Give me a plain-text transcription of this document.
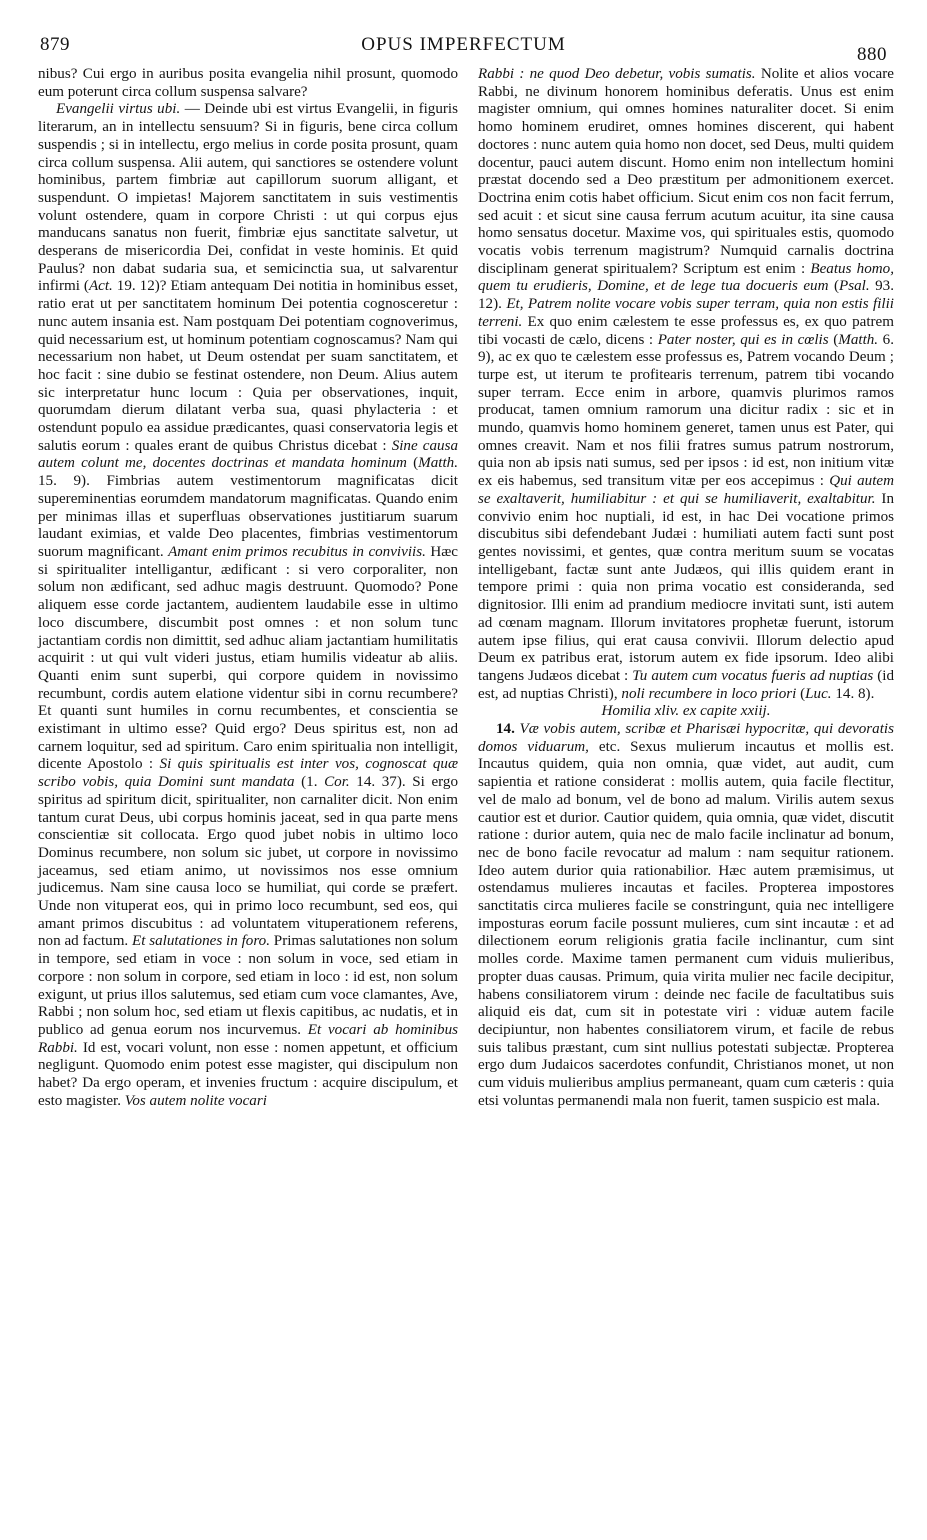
879	OPUS IMPERFECTUM	880

nibus? Cui ergo in auribus posita evangelia nihil prosunt, quomodo eum poterunt circa collum suspensa salvare?

Evangelii virtus ubi. — Deinde ubi est virtus Evangelii, in figuris literarum, an in intellectu sensuum? Si in figuris, bene circa collum suspendis ; si in intellectu, ergo melius in corde posita prosunt, quam circa collum suspensa. Alii autem, qui sanctiores se ostendere volunt hominibus, partem fimbriæ aut capillorum suorum alligant, et suspendunt. O impietas! Majorem sanctitatem in suis vestimentis volunt ostendere, quam in corpore Christi : ut qui corpus ejus manducans sanatus non fuerit, fimbriæ ejus sanctitate salvetur, ut desperans de misericordia Dei, confidat in veste hominis. Et quid Paulus? non dabat sudaria sua, et semicinctia sua, ut salvarentur infirmi (Act. 19. 12)? Etiam antequam Dei notitia in hominibus esset, ratio erat ut per sanctitatem hominum Dei potentia cognosceretur : nunc autem insania est. Nam postquam Dei potentiam cognoverimus, quid necessarium est, ut hominum potentiam cognoscamus? Nam qui necessarium non habet, ut Deum ostendat per suam sanctitatem, et hoc facit : sine dubio se festinat ostendere, non Deum. Alius autem sic interpretatur hunc locum : Quia per observationes, inquit, quorumdam dierum dilatant verba sua, quasi phylacteria : et ostendunt populo ea assidue prædicantes, quasi conservatoria legis et salutis eorum : quales erant de quibus Christus dicebat : Sine causa autem colunt me, docentes doctrinas et mandata hominum (Matth. 15. 9). Fimbrias autem vestimentorum magnificatas dicit supereminentias eorumdem mandatorum magnificatas. Quando enim per minimas illas et superfluas observationes justitiarum suarum laudant eximias, et valde Deo placentes, fimbrias vestimentorum suorum magnificant. Amant enim primos recubitus in conviviis. Hæc si spiritualiter intelligantur, ædificant : si vero corporaliter, non solum non ædificant, sed adhuc magis destruunt. Quomodo? Pone aliquem esse corde jactantem, audientem laudabile esse in ultimo loco discumbere, discumbit post omnes : et non solum tunc jactantiam cordis non dimittit, sed adhuc aliam jactantiam humilitatis acquirit : ut qui vult videri justus, etiam humilis videatur ab aliis. Quanti enim sunt superbi, qui corpore quidem in novissimo recumbunt, cordis autem elatione videntur sibi in cornu recumbere? Et quanti sunt humiles in cornu recumbentes, et conscientia se existimant in ultimo esse? Quid ergo? Deus spiritus est, non ad carnem loquitur, sed ad spiritum. Caro enim spiritualia non intelligit, dicente Apostolo : Si quis spiritualis est inter vos, cognoscat quæ scribo vobis, quia Domini sunt mandata (1. Cor. 14. 37). Si ergo spiritus ad spiritum dicit, spiritualiter, non carnaliter dicit. Non enim tantum curat Deus, ubi corpus hominis jaceat, sed in qua parte mens conscientiæ sit collocata. Ergo quod jubet nobis in ultimo loco Dominus recumbere, non solum sic jubet, ut corpore in novissimo jaceamus, sed etiam animo, ut novissimos nos esse omnium judicemus. Nam sine causa loco se humiliat, qui corde se præfert. Unde non vituperat eos, qui in primo loco recumbunt, sed eos, qui amant primos discubitus : ad voluntatem vituperationem referens, non ad factum. Et salutationes in foro. Primas salutationes non solum in tempore, sed etiam in voce : non solum in voce, sed etiam in corpore : non solum in corpore, sed etiam in loco : id est, non solum exigunt, ut prius illos salutemus, sed etiam cum voce clamantes, Ave, Rabbi ; non solum hoc, sed etiam ut flexis capitibus, ac nudatis, et in publico ad genua eorum nos incurvemus. Et vocari ab hominibus Rabbi. Id est, vocari volunt, non esse : nomen appetunt, et officium negligunt. Quomodo enim potest esse magister, qui discipulum non habet? Da ergo operam, et invenies fructum : acquire discipulum, et esto magister. Vos autem nolite vocari

Rabbi : ne quod Deo debetur, vobis sumatis. Nolite et alios vocare Rabbi, ne divinum honorem hominibus deferatis. Unus est enim magister omnium, qui omnes homines naturaliter docet. Si enim homo hominem erudiret, omnes homines discerent, qui habent doctores : nunc autem quia homo non docet, sed Deus, multi quidem docentur, pauci autem discunt. Homo enim non intellectum homini præstat docendo sed a Deo præstitum per admonitionem exercet. Doctrina enim cotis habet officium. Sicut enim cos non facit ferrum, sed acuit : et sicut sine causa ferrum acutum acuitur, ita sine causa homo sensatus docetur. Maxime vos, qui spirituales estis, quomodo vocatis vobis terrenum magistrum? Numquid carnalis doctrina disciplinam generat spiritualem? Scriptum est enim : Beatus homo, quem tu erudieris, Domine, et de lege tua docueris eum (Psal. 93. 12). Et, Patrem nolite vocare vobis super terram, quia non estis filii terreni. Ex quo enim cælestem te esse professus es, ex quo patrem tibi vocasti de cælo, dicens : Pater noster, qui es in cœlis (Matth. 6. 9), ac ex quo te cælestem esse professus es, Patrem vocando Deum ; turpe est, ut iterum te profitearis terrenum, patrem tibi vocando super terram. Ecce enim in arbore, quamvis plurimos ramos producat, tamen omnium ramorum una dicitur radix : sic et in mundo, quamvis homo hominem generet, tamen unus est Pater, qui omnes creavit. Nam et nos filii fratres sumus patrum nostrorum, quia non ab ipsis nati sumus, sed per ipsos : id est, non initium vitæ ex eis habemus, sed transitum vitæ per eos accepimus : Qui autem se exaltaverit, humiliabitur : et qui se humiliaverit, exaltabitur. In convivio enim hoc nuptiali, id est, in hac Dei vocatione primos discubitus sibi defendebant Judæi : humiliati autem facti sunt post gentes novissimi, et gentes, quæ contra meritum suum se vocatas intelligebant, factæ sunt ante Judæos, qui illis quidem erant in tempore primi : quia non prima vocatio est consideranda, sed dignitosior. Illi enim ad prandium mediocre invitati sunt, isti autem ad cœnam magnam. Illorum invitatores prophetæ fuerunt, istorum autem ipse filius, qui erat causa convivii. Illorum delectio apud Deum ex patribus erat, istorum autem ex fide ipsorum. Ideo alibi tangens Judæos dicebat : Tu autem cum vocatus fueris ad nuptias (id est, ad nuptias Christi), noli recumbere in loco priori (Luc. 14. 8).

Homilia xliv. ex capite xxiij.

14. Væ vobis autem, scribæ et Pharisæi hypocritæ, qui devoratis domos viduarum, etc. Sexus mulierum incautus et mollis est. Incautus quidem, quia non omnia, quæ videt, aut audit, cum sapientia et ratione considerat : mollis autem, quia facile flectitur, vel de malo ad bonum, vel de bono ad malum. Virilis autem sexus cautior est et durior. Cautior quidem, quia omnia, quæ videt, discutit ratione : durior autem, quia nec de malo facile inclinatur ad bonum, nec de bono facile revocatur ad malum : nam sequitur rationem. Ideo autem durior quia rationabilior. Hæc autem præmisimus, ut ostendamus mulieres incautas et faciles. Propterea impostores sanctitatis circa mulieres facile se constringunt, quia nec intelligere imposturas eorum facile possunt mulieres, cum sint incautæ : et ad dilectionem eorum religionis gratia facile inclinantur, cum sint molles corde. Maxime tamen permanent cum viduis mulieribus, propter duas causas. Primum, quia virita mulier nec facile decipitur, habens consiliatorem virum : deinde nec facile de facultatibus suis aliquid eis dat, cum sit in potestate viri : viduæ autem facile decipiuntur, non habentes consiliatorem virum, et facile de rebus suis talibus præstant, cum sint nullius potestati subjectæ. Propterea ergo dum Judaicos sacerdotes confundit, Christianos monet, ut non cum viduis mulieribus amplius permaneant, quam cum cæteris : quia etsi voluntas permanendi mala non fuerit, tamen suspicio est mala.
